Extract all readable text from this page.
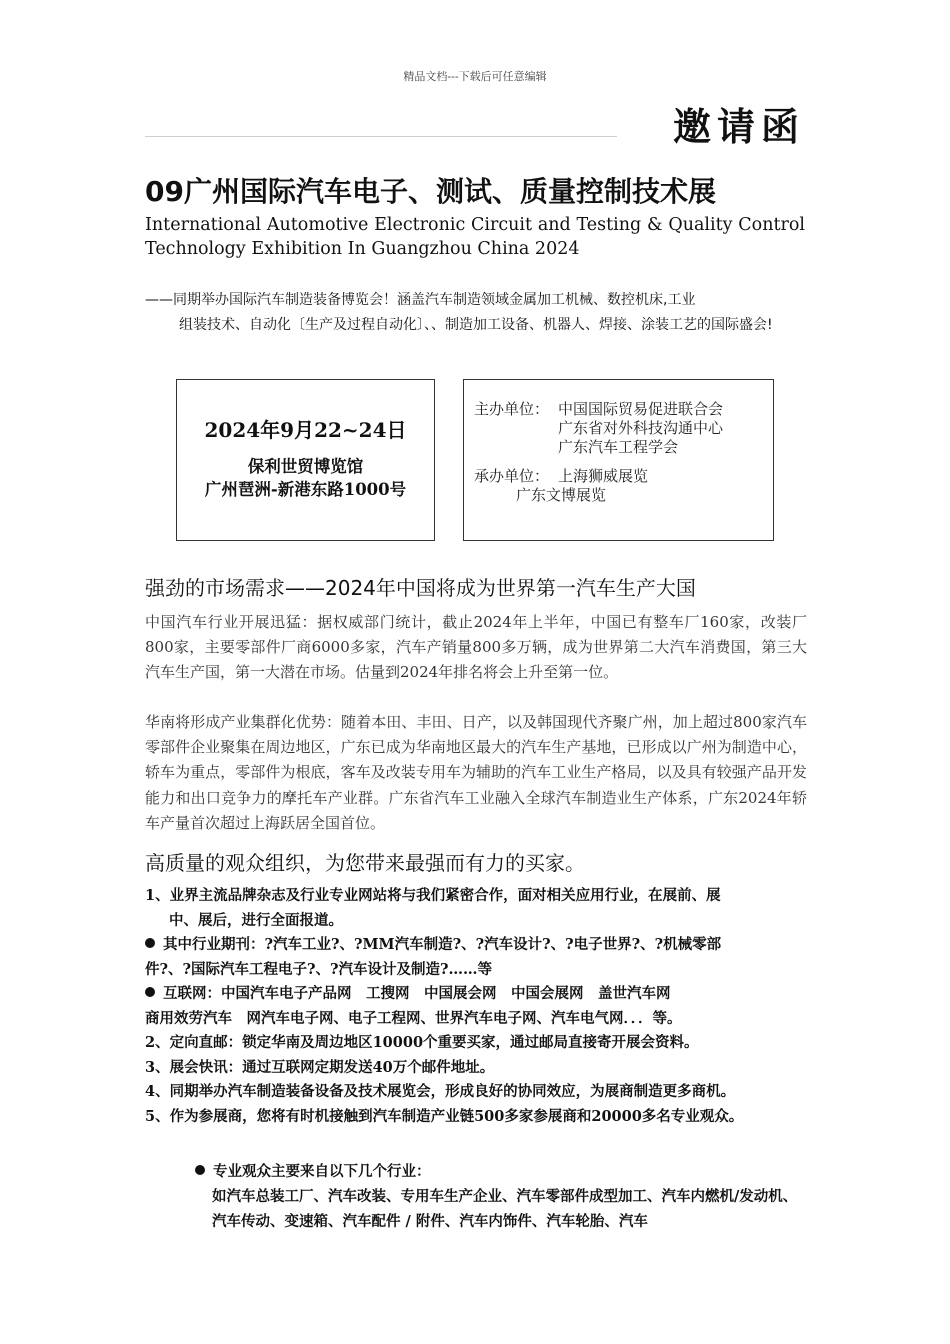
精品文档---下载后可任意编辑
邀请函
09广州国际汽车电子、测试、质量控制技术展
International Automotive Electronic Circuit and Testing & Quality Control Technology Exhibition In Guangzhou China 2024
——同期举办国际汽车制造装备博览会！涵盖汽车制造领域金属加工机械、数控机床,工业
组装技术、自动化〔生产及过程自动化〕、、制造加工设备、机器人、焊接、涂装工艺的国际盛会!
2024年9月22~24日
保利世贸博览馆
广州琶洲-新港东路1000号
主办单位： 中国国际贸易促进联合会
广东省对外科技沟通中心
广东汽车工程学会
承办单位： 上海狮威展览
广东文博展览
强劲的市场需求——2024年中国将成为世界第一汽车生产大国
中国汽车行业开展迅猛：据权威部门统计，截止2024年上半年，中国已有整车厂160家，改装厂800家，主要零部件厂商6000多家，汽车产销量800多万辆，成为世界第二大汽车消费国，第三大汽车生产国，第一大潜在市场。估量到2024年排名将会上升至第一位。
华南将形成产业集群化优势：随着本田、丰田、日产，以及韩国现代齐聚广州，加上超过800家汽车零部件企业聚集在周边地区，广东已成为华南地区最大的汽车生产基地，已形成以广州为制造中心，轿车为重点，零部件为根底，客车及改装专用车为辅助的汽车工业生产格局，以及具有较强产品开发能力和出口竞争力的摩托车产业群。广东省汽车工业融入全球汽车制造业生产体系，广东2024年轿车产量首次超过上海跃居全国首位。
高质量的观众组织，为您带来最强而有力的买家。
1、业界主流品牌杂志及行业专业网站将与我们紧密合作，面对相关应用行业，在展前、展
中、展后，进行全面报道。
其中行业期刊：?汽车工业?、?MM汽车制造?、?汽车设计?、?电子世界?、?机械零部
件?、?国际汽车工程电子?、?汽车设计及制造?……等
互联网：中国汽车电子产品网　工搜网　中国展会网　中国会展网　盖世汽车网
商用效劳汽车　网汽车电子网、电子工程网、世界汽车电子网、汽车电气网．．．等。
2、定向直邮：锁定华南及周边地区10000个重要买家，通过邮局直接寄开展会资料。
3、展会快讯：通过互联网定期发送40万个邮件地址。
4、同期举办汽车制造装备设备及技术展览会，形成良好的协同效应，为展商制造更多商机。
5、作为参展商，您将有时机接触到汽车制造产业链500多家参展商和20000多名专业观众。
专业观众主要来自以下几个行业：
如汽车总装工厂、汽车改装、专用车生产企业、汽车零部件成型加工、汽车内燃机/发动机、汽车传动、变速箱、汽车配件 / 附件、汽车内饰件、汽车轮胎、汽车
